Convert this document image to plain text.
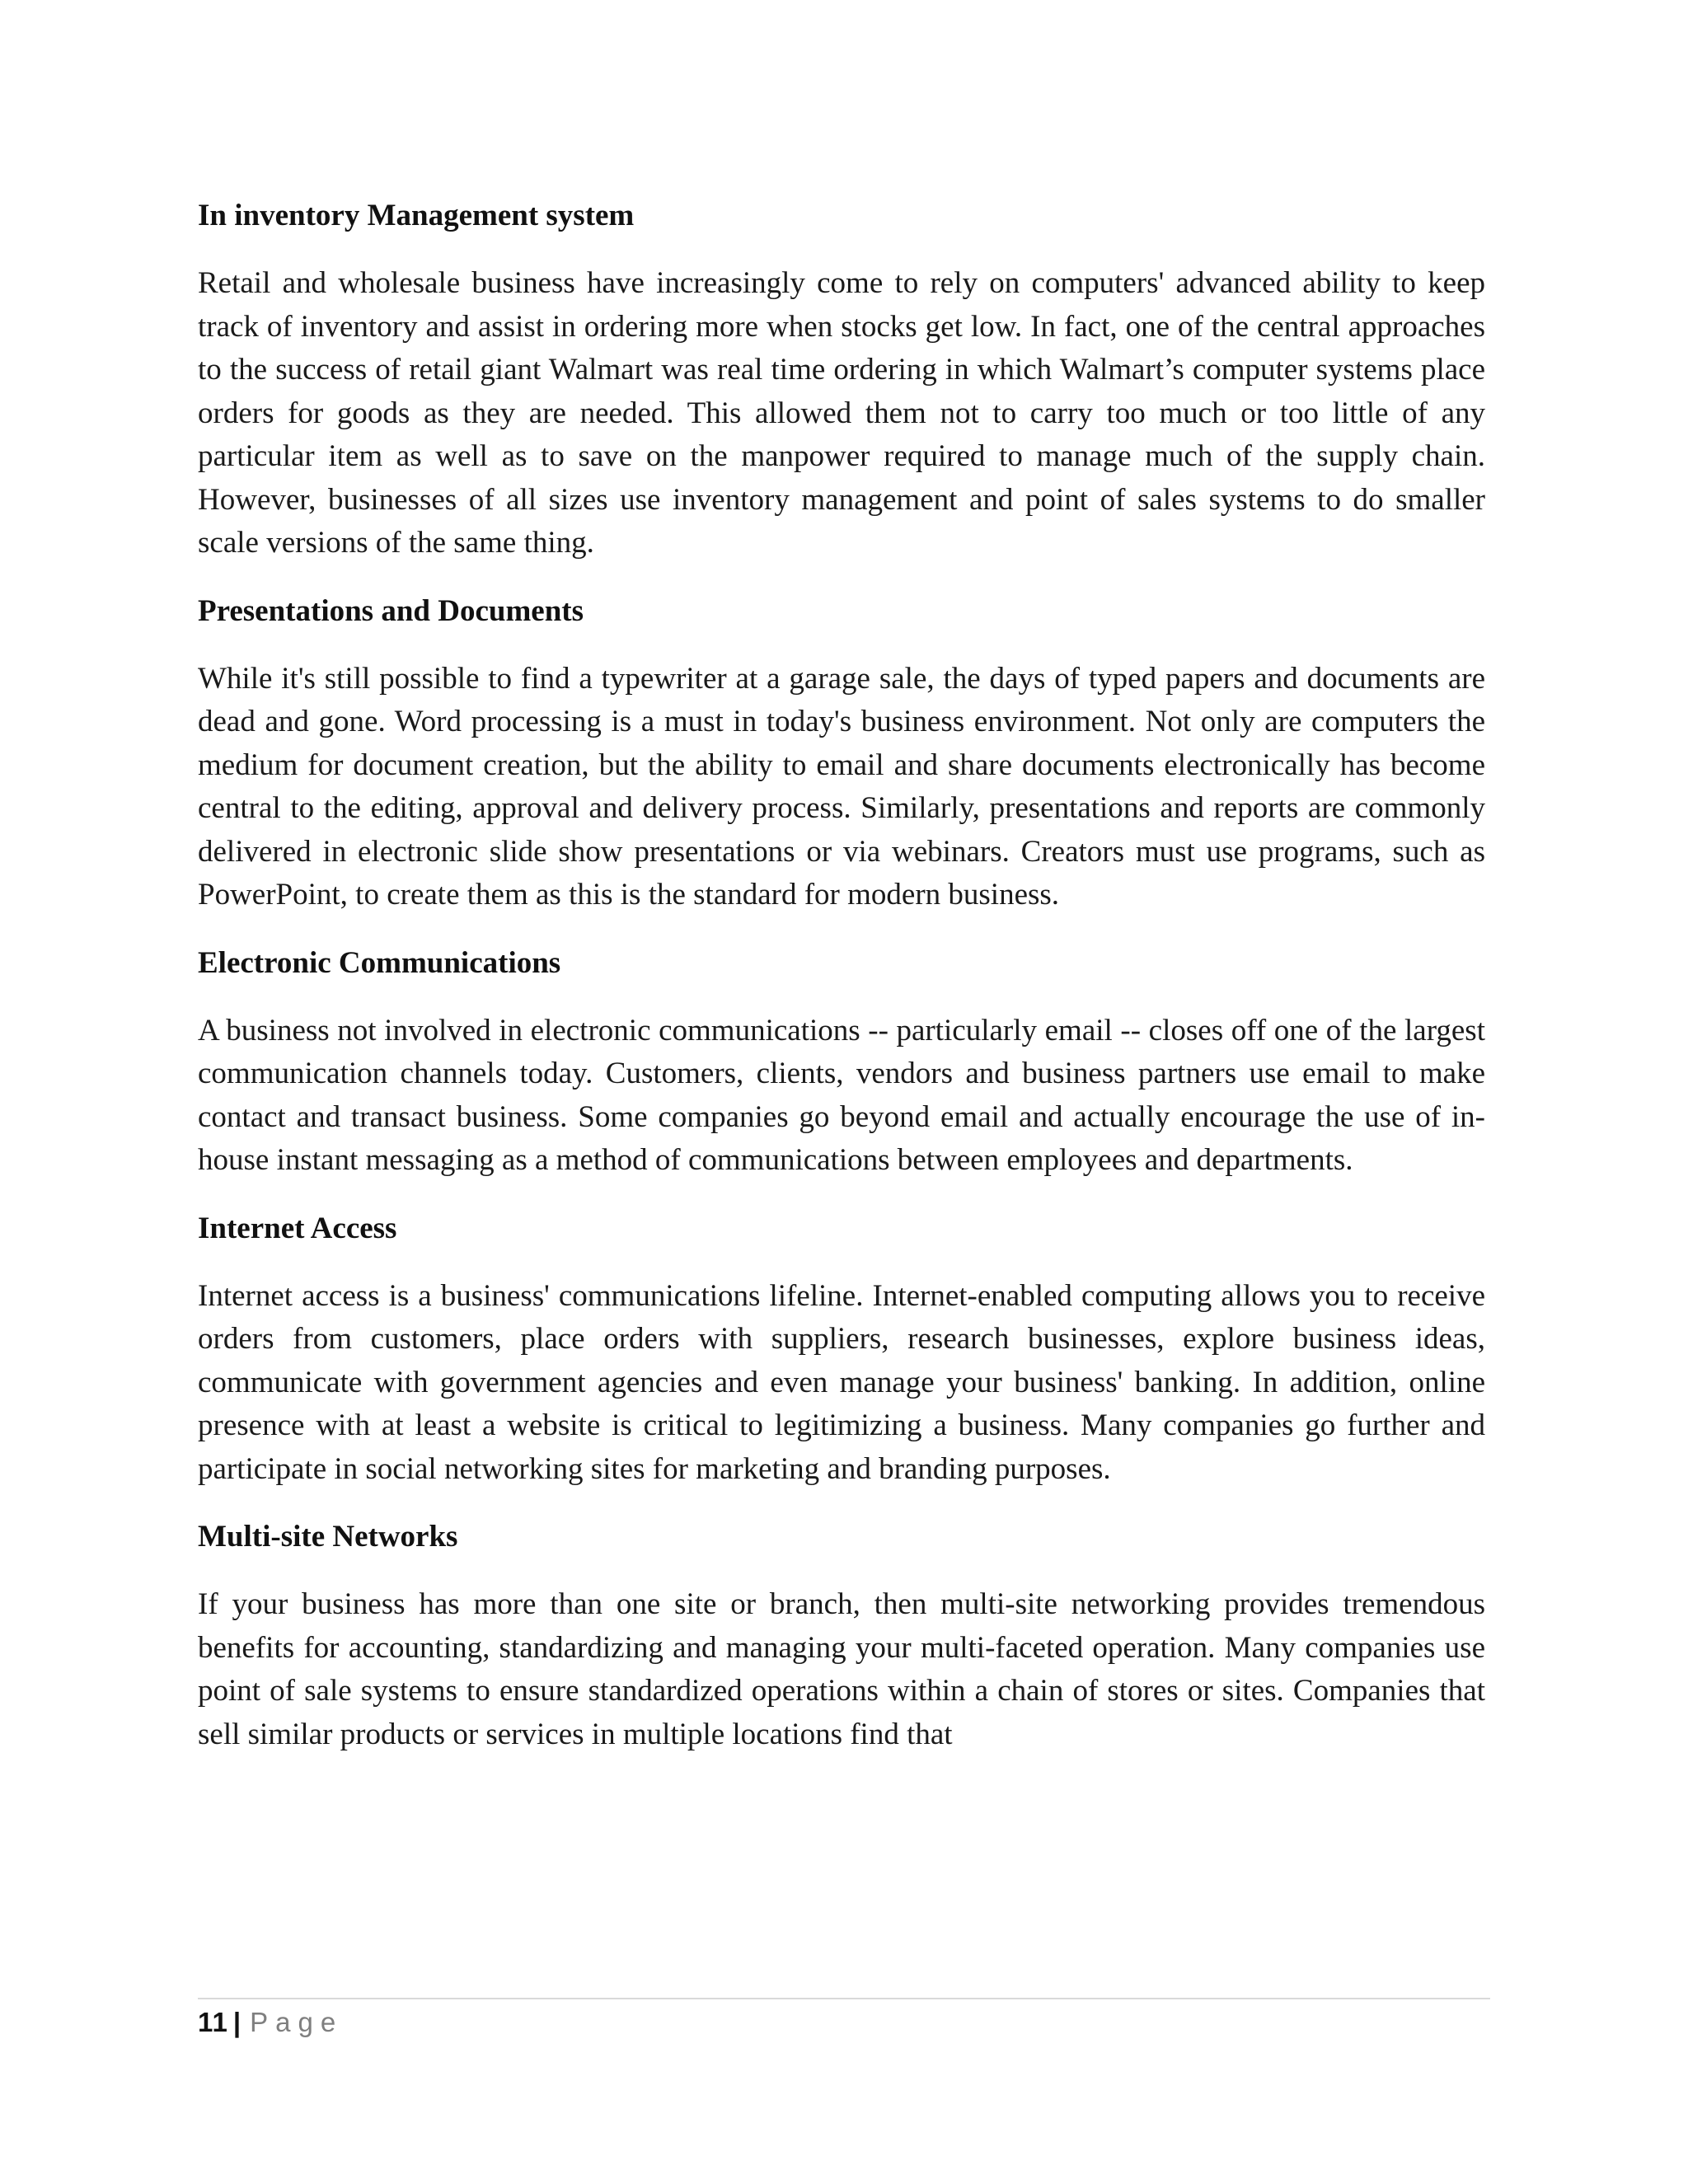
In inventory Management system

Retail and wholesale business have increasingly come to rely on computers' advanced ability to keep track of inventory and assist in ordering more when stocks get low. In fact, one of the central approaches to the success of retail giant Walmart was real time ordering in which Walmart’s computer systems place orders for goods as they are needed. This allowed them not to carry too much or too little of any particular item as well as to save on the manpower required to manage much of the supply chain. However, businesses of all sizes use inventory management and point of sales systems to do smaller scale versions of the same thing.

Presentations and Documents

While it's still possible to find a typewriter at a garage sale, the days of typed papers and documents are dead and gone. Word processing is a must in today's business environment. Not only are computers the medium for document creation, but the ability to email and share documents electronically has become central to the editing, approval and delivery process. Similarly, presentations and reports are commonly delivered in electronic slide show presentations or via webinars. Creators must use programs, such as PowerPoint, to create them as this is the standard for modern business.

Electronic Communications

A business not involved in electronic communications -- particularly email -- closes off one of the largest communication channels today. Customers, clients, vendors and business partners use email to make contact and transact business. Some companies go beyond email and actually encourage the use of in-house instant messaging as a method of communications between employees and departments.

Internet Access

Internet access is a business' communications lifeline. Internet-enabled computing allows you to receive orders from customers, place orders with suppliers, research businesses, explore business ideas, communicate with government agencies and even manage your business' banking. In addition, online presence with at least a website is critical to legitimizing a business. Many companies go further and participate in social networking sites for marketing and branding purposes.

Multi-site Networks

If your business has more than one site or branch, then multi-site networking provides tremendous benefits for accounting, standardizing and managing your multi-faceted operation. Many companies use point of sale systems to ensure standardized operations within a chain of stores or sites. Companies that sell similar products or services in multiple locations find that

11 | Page
